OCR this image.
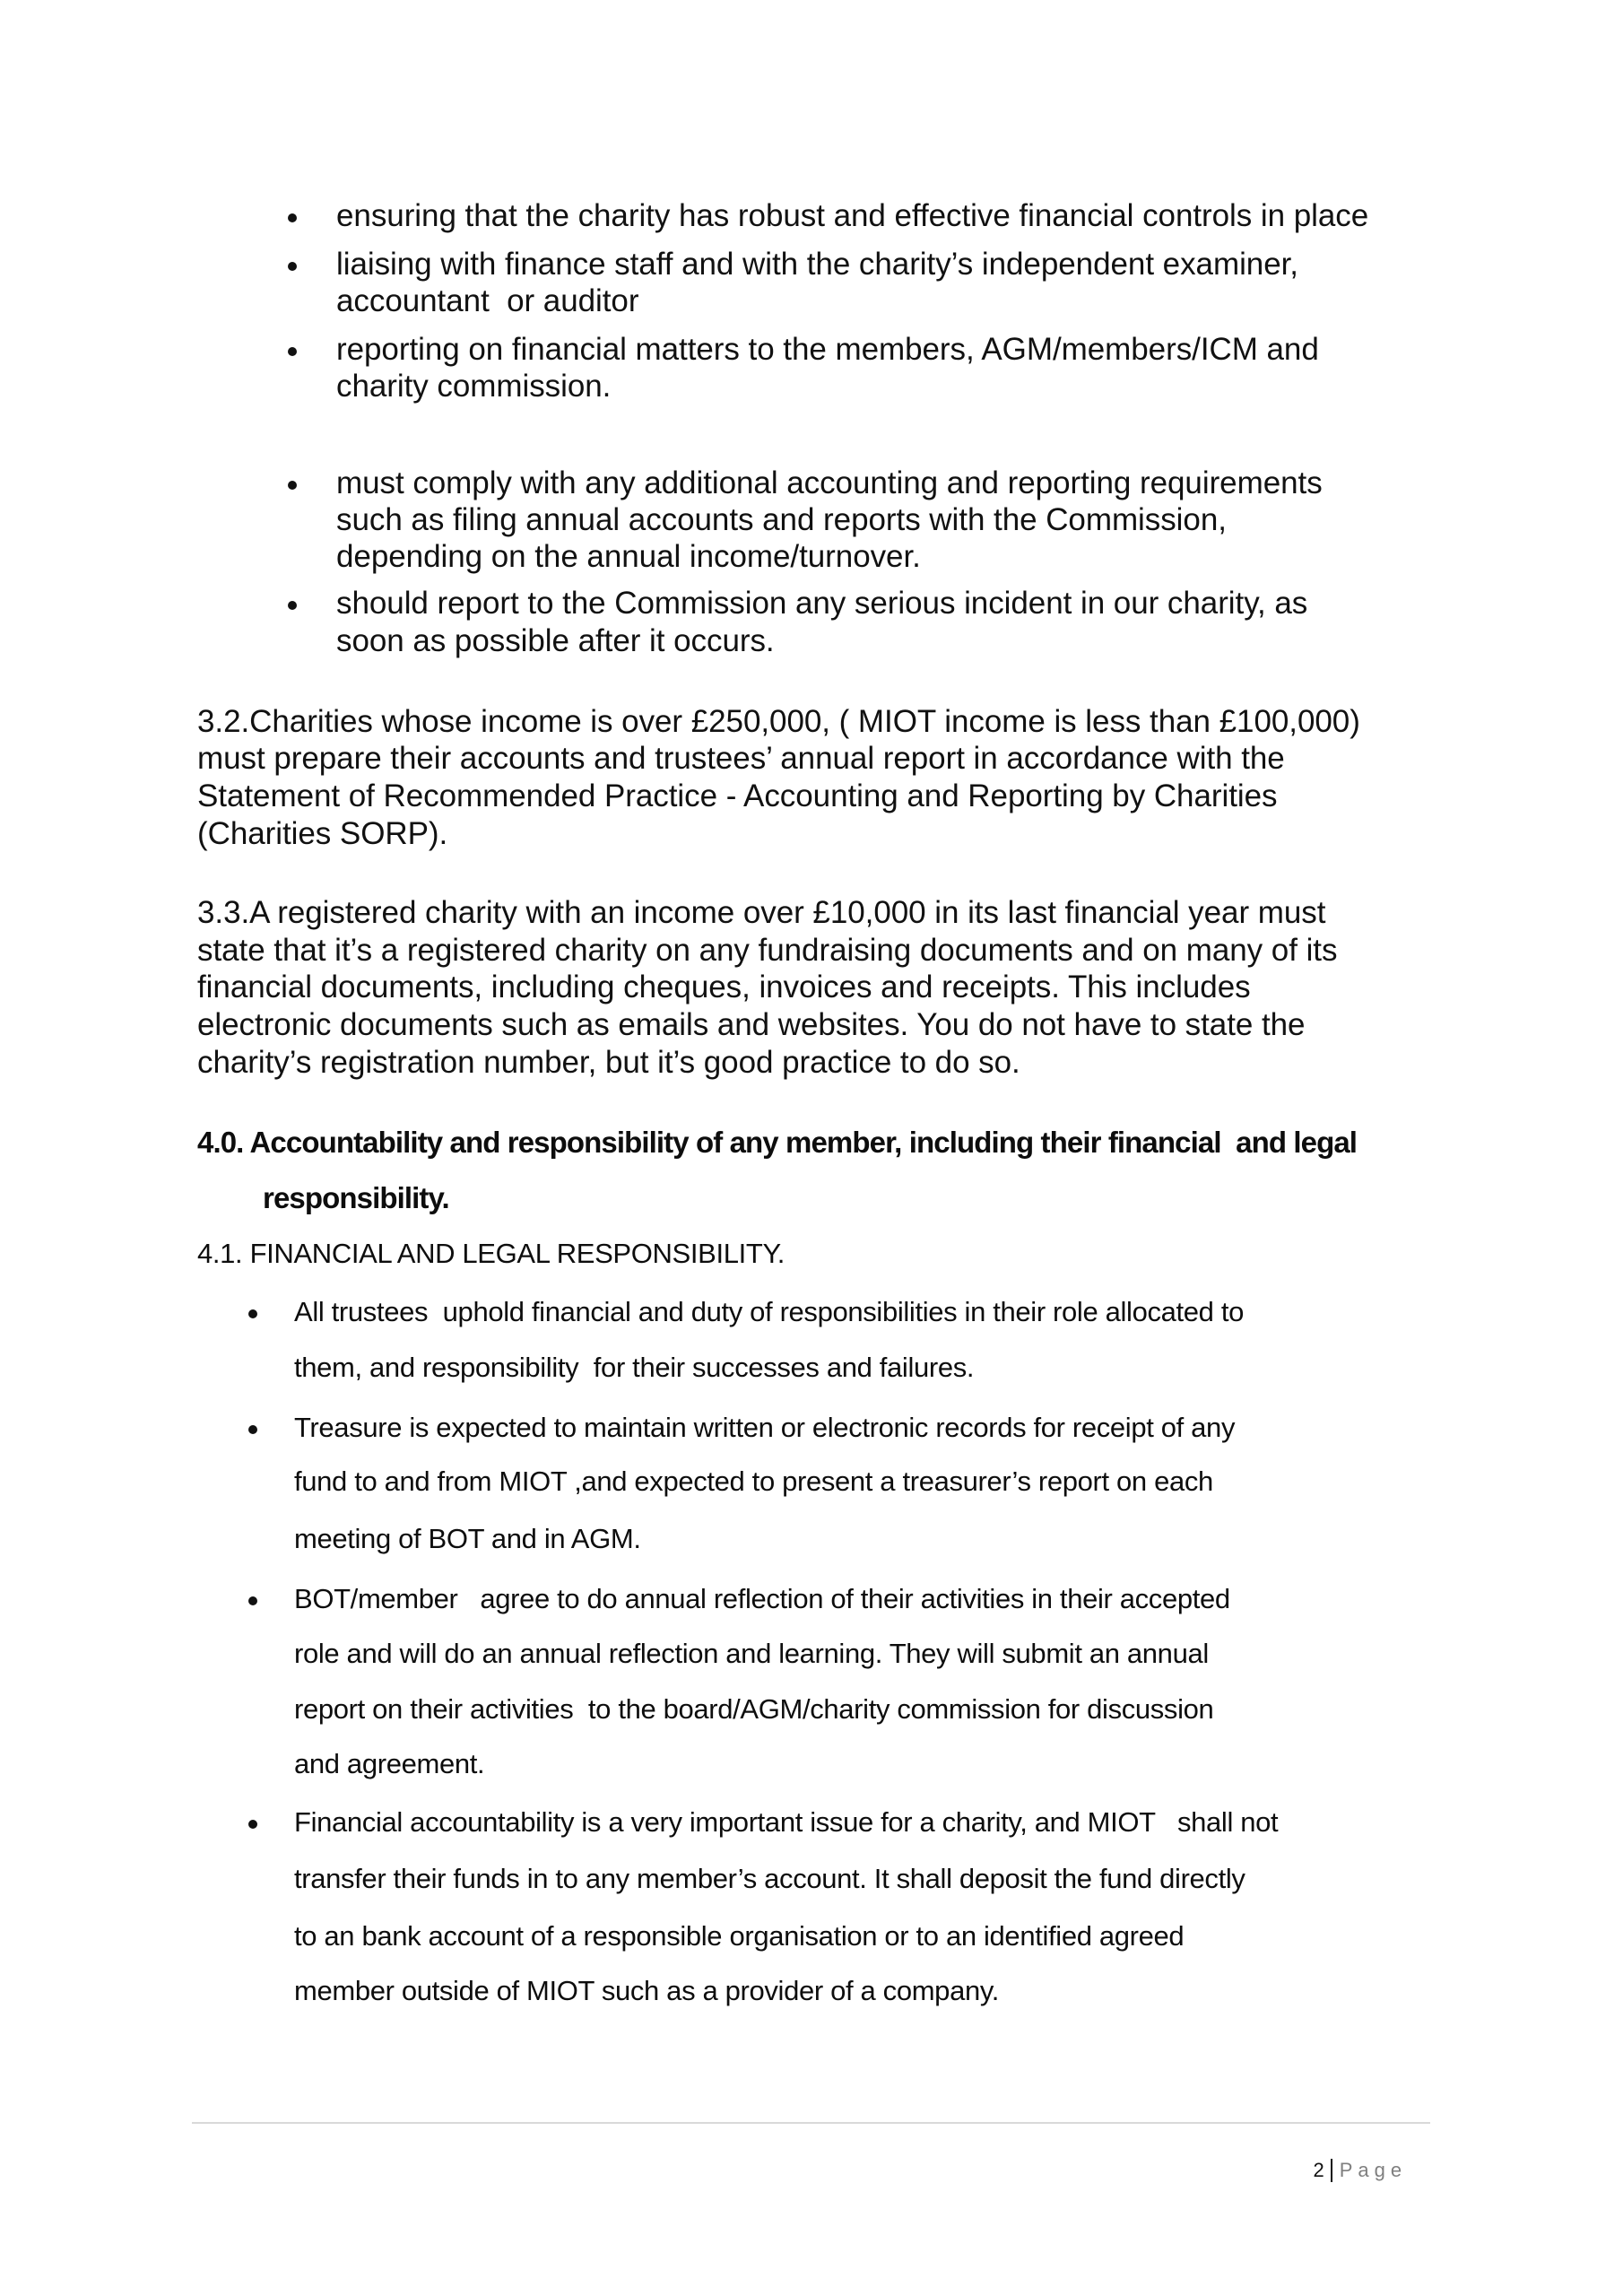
ensuring that the charity has robust and effective financial controls in place
liaising with finance staff and with the charity’s independent examiner,
accountant  or auditor
reporting on financial matters to the members, AGM/members/ICM and
charity commission.
must comply with any additional accounting and reporting requirements
such as filing annual accounts and reports with the Commission,
depending on the annual income/turnover.
should report to the Commission any serious incident in our charity, as
soon as possible after it occurs.
3.2.Charities whose income is over £250,000, ( MIOT income is less than £100,000)
must prepare their accounts and trustees’ annual report in accordance with the
Statement of Recommended Practice - Accounting and Reporting by Charities
(Charities SORP).
3.3.A registered charity with an income over £10,000 in its last financial year must
state that it’s a registered charity on any fundraising documents and on many of its
financial documents, including cheques, invoices and receipts. This includes
electronic documents such as emails and websites. You do not have to state the
charity’s registration number, but it’s good practice to do so.
4.0. Accountability and responsibility of any member, including their financial  and legal
responsibility.
4.1. FINANCIAL AND LEGAL RESPONSIBILITY.
All trustees  uphold financial and duty of responsibilities in their role allocated to
them, and responsibility  for their successes and failures.
Treasure is expected to maintain written or electronic records for receipt of any
fund to and from MIOT ,and expected to present a treasurer’s report on each
meeting of BOT and in AGM.
BOT/member   agree to do annual reflection of their activities in their accepted
role and will do an annual reflection and learning. They will submit an annual
report on their activities  to the board/AGM/charity commission for discussion
and agreement.
Financial accountability is a very important issue for a charity, and MIOT   shall not
transfer their funds in to any member’s account. It shall deposit the fund directly
to an bank account of a responsible organisation or to an identified agreed
member outside of MIOT such as a provider of a company.

2 Page
